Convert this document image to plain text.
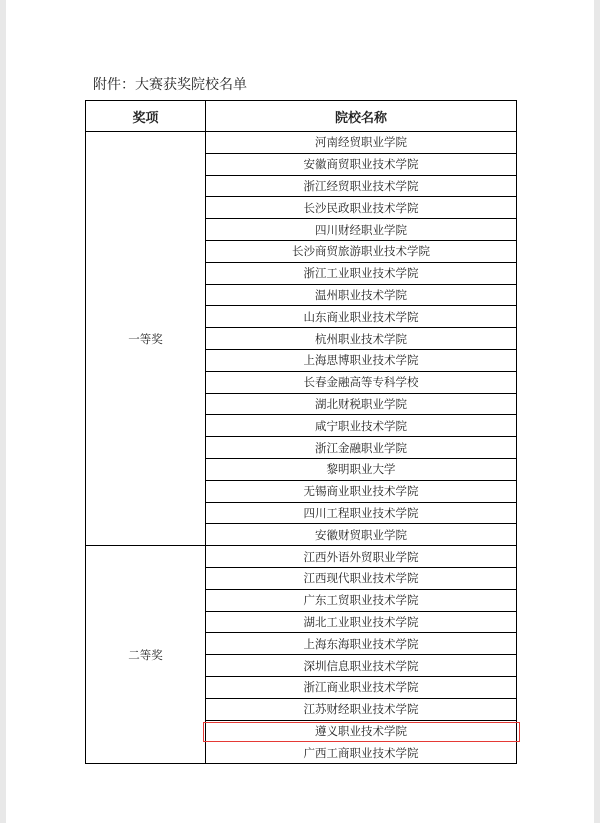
附件：大赛获奖院校名单
奖项	院校名称
一等奖	河南经贸职业学院
	安徽商贸职业技术学院
	浙江经贸职业技术学院
	长沙民政职业技术学院
	四川财经职业学院
	长沙商贸旅游职业技术学院
	浙江工业职业技术学院
	温州职业技术学院
	山东商业职业技术学院
	杭州职业技术学院
	上海思博职业技术学院
	长春金融高等专科学校
	湖北财税职业学院
	咸宁职业技术学院
	浙江金融职业学院
	黎明职业大学
	无锡商业职业技术学院
	四川工程职业技术学院
	安徽财贸职业学院
二等奖	江西外语外贸职业学院
	江西现代职业技术学院
	广东工贸职业技术学院
	湖北工业职业技术学院
	上海东海职业技术学院
	深圳信息职业技术学院
	浙江商业职业技术学院
	江苏财经职业技术学院
	遵义职业技术学院
	广西工商职业技术学院
